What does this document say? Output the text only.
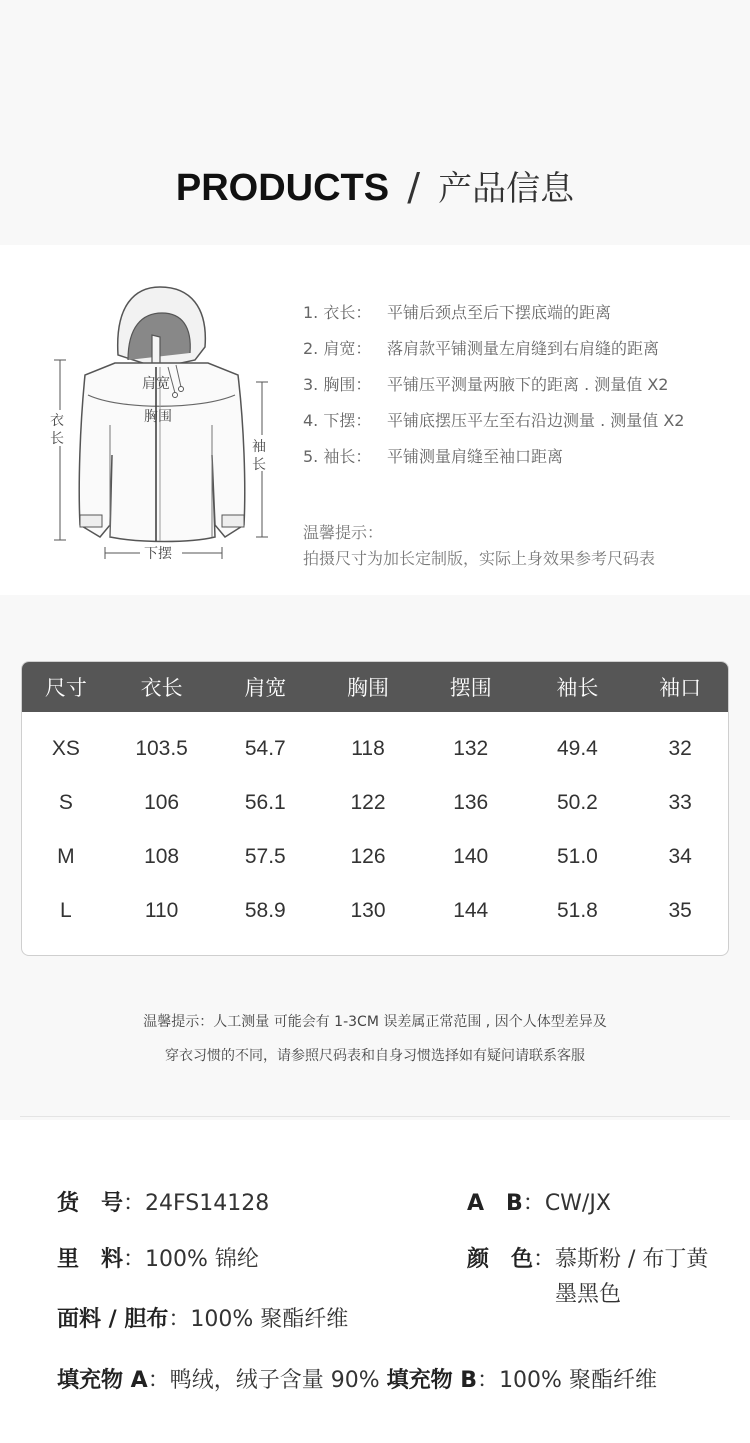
PRODUCTS / 产品信息
衣
长	袖
长
肩宽
胸围
下摆
1. 衣长： 平铺后颈点至后下摆底端的距离
2. 肩宽： 落肩款平铺测量左肩缝到右肩缝的距离
3. 胸围： 平铺压平测量两腋下的距离 . 测量值 X2
4. 下摆： 平铺底摆压平左至右沿边测量 . 测量值 X2
5. 袖长： 平铺测量肩缝至袖口距离
温馨提示：
拍摄尺寸为加长定制版，实际上身效果参考尺码表
尺寸	衣长	肩宽	胸围	摆围	袖长	袖口
XS	103.5	54.7	118	132	49.4	32
S	106	56.1	122	136	50.2	33
M	108	57.5	126	140	51.0	34
L	110	58.9	130	144	51.8	35
温馨提示：人工测量 可能会有 1-3CM 误差属正常范围 , 因个人体型差异及
穿衣习惯的不同，请参照尺码表和自身习惯选择如有疑问请联系客服
货　号：24FS14128	A　B：CW/JX
里　料：100% 锦纶	颜　色：慕斯粉 / 布丁黄
墨黑色
面料 / 胆布：100% 聚酯纤维
填充物 A：鸭绒，绒子含量 90% 填充物 B：100% 聚酯纤维
